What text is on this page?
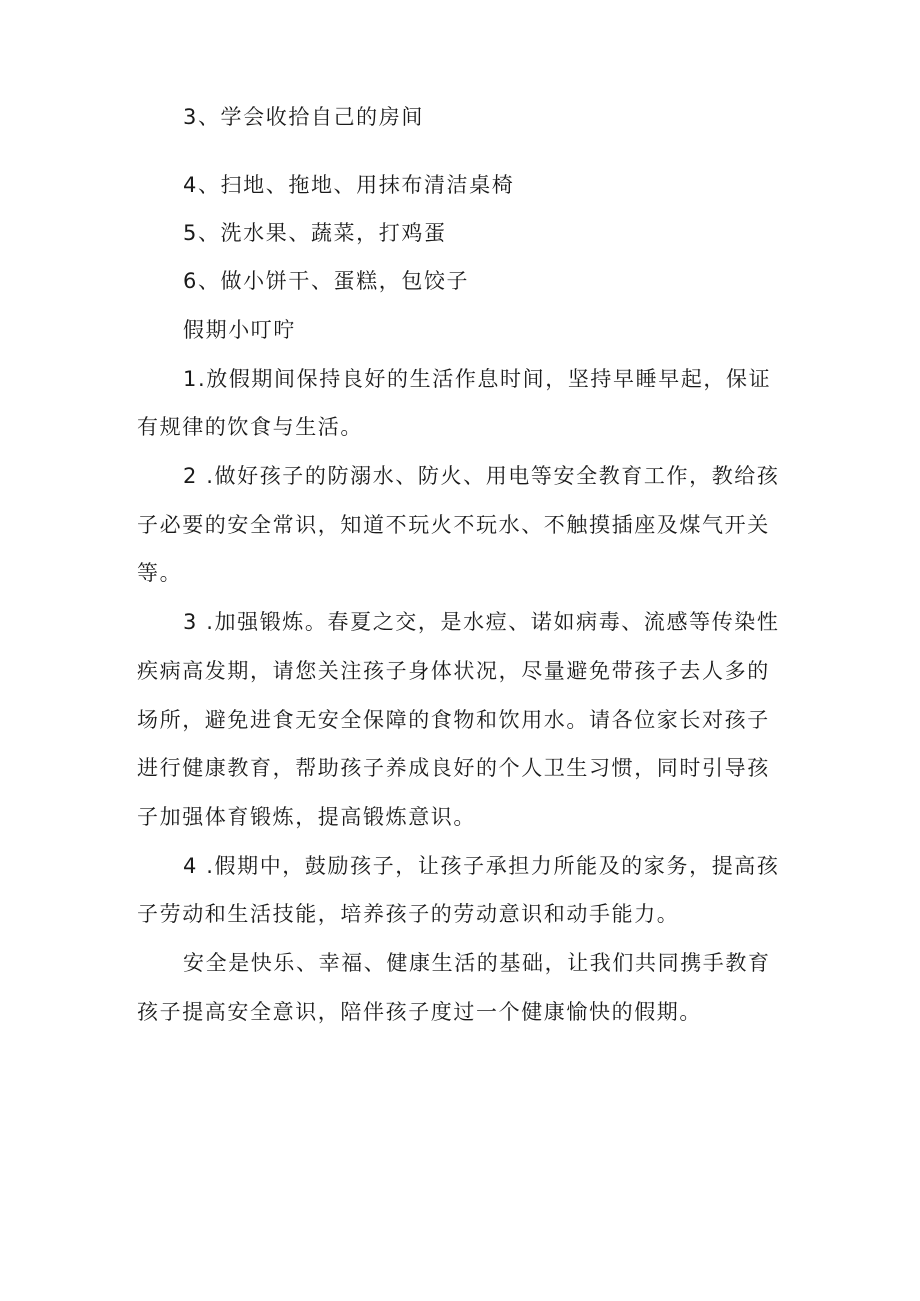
3、学会收拾自己的房间

4、扫地、拖地、用抹布清洁桌椅

5、洗水果、蔬菜，打鸡蛋

6、做小饼干、蛋糕，包饺子

假期小叮咛

1.放假期间保持良好的生活作息时间，坚持早睡早起，保证

有规律的饮食与生活。

2 .做好孩子的防溺水、防火、用电等安全教育工作，教给孩

子必要的安全常识，知道不玩火不玩水、不触摸插座及煤气开关

等。

3 .加强锻炼。春夏之交，是水痘、诺如病毒、流感等传染性

疾病高发期，请您关注孩子身体状况，尽量避免带孩子去人多的

场所，避免进食无安全保障的食物和饮用水。请各位家长对孩子

进行健康教育，帮助孩子养成良好的个人卫生习惯，同时引导孩

子加强体育锻炼，提高锻炼意识。

4 .假期中，鼓励孩子，让孩子承担力所能及的家务，提高孩

子劳动和生活技能，培养孩子的劳动意识和动手能力。

安全是快乐、幸福、健康生活的基础，让我们共同携手教育

孩子提高安全意识，陪伴孩子度过一个健康愉快的假期。
